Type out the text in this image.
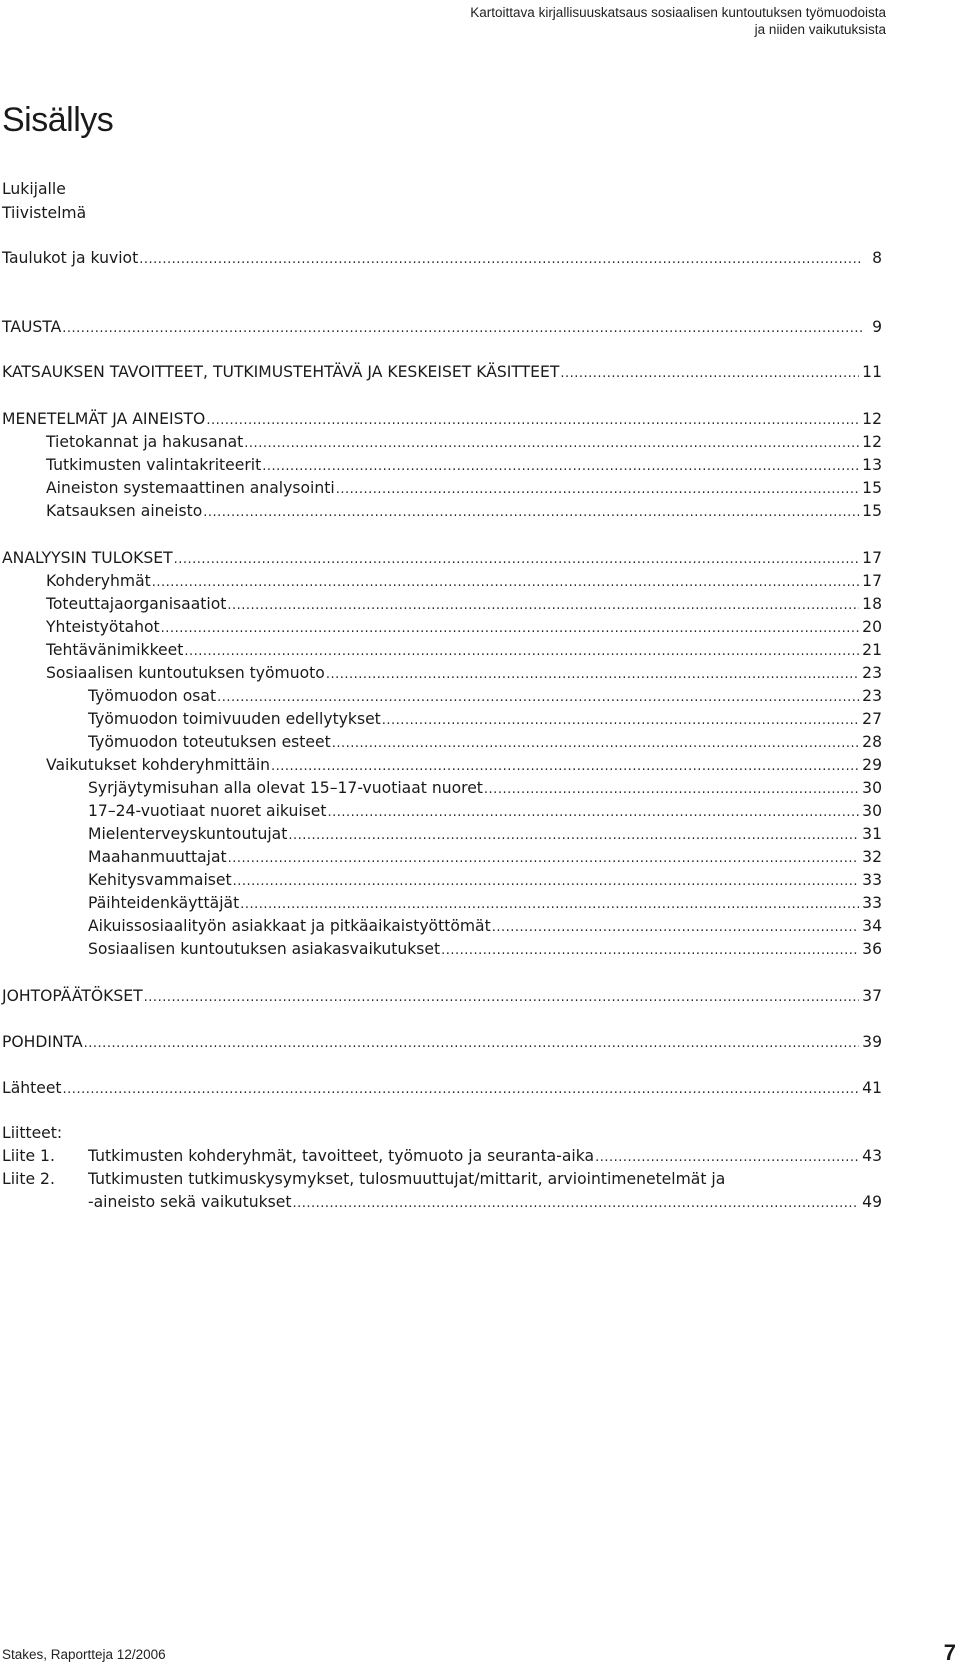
Kartoittava kirjallisuuskatsaus sosiaalisen kuntoutuksen työmuodoista
ja niiden vaikutuksista
Sisällys
Lukijalle
Tiivistelmä
Taulukot ja kuviot .....	8
TAUSTA .....	9
KATSAUKSEN TAVOITTEET, TUTKIMUSTEHTÄVÄ JA KESKEISET KÄSITTEET .....	11
MENETELMÄT JA AINEISTO .....	12
Tietokannat ja hakusanat .....	12
Tutkimusten valintakriteerit .....	13
Aineiston systemaattinen analysointi .....	15
Katsauksen aineisto .....	15
ANALYYSIN TULOKSET .....	17
Kohderyhmät .....	17
Toteuttajaorganisaatiot .....	18
Yhteistyötahot .....	20
Tehtävänimikkeet .....	21
Sosiaalisen kuntoutuksen työmuoto .....	23
Työmuodon osat .....	23
Työmuodon toimivuuden edellytykset .....	27
Työmuodon toteutuksen esteet .....	28
Vaikutukset kohderyhmittäin .....	29
Syrjäytymisuhan alla olevat 15–17-vuotiaat nuoret .....	30
17–24-vuotiaat nuoret aikuiset .....	30
Mielenterveyskuntoutujat .....	31
Maahanmuuttajat .....	32
Kehitysvammaiset .....	33
Päihteidenkäyttäjät .....	33
Aikuissosiaalityön asiakkaat ja pitkäaikaistyöttömät .....	34
Sosiaalisen kuntoutuksen asiakasvaikutukset .....	36
JOHTOPÄÄTÖKSET .....	37
POHDINTA .....	39
Lähteet .....	41
Liitteet:
Liite 1. Tutkimusten kohderyhmät, tavoitteet, työmuoto ja seuranta-aika .....	43
Liite 2. Tutkimusten tutkimuskysymykset, tulosmuuttujat/mittarit, arviointimenetelmät ja
-aineisto sekä vaikutukset .....	49
Stakes, Raportteja 12/2006	7
